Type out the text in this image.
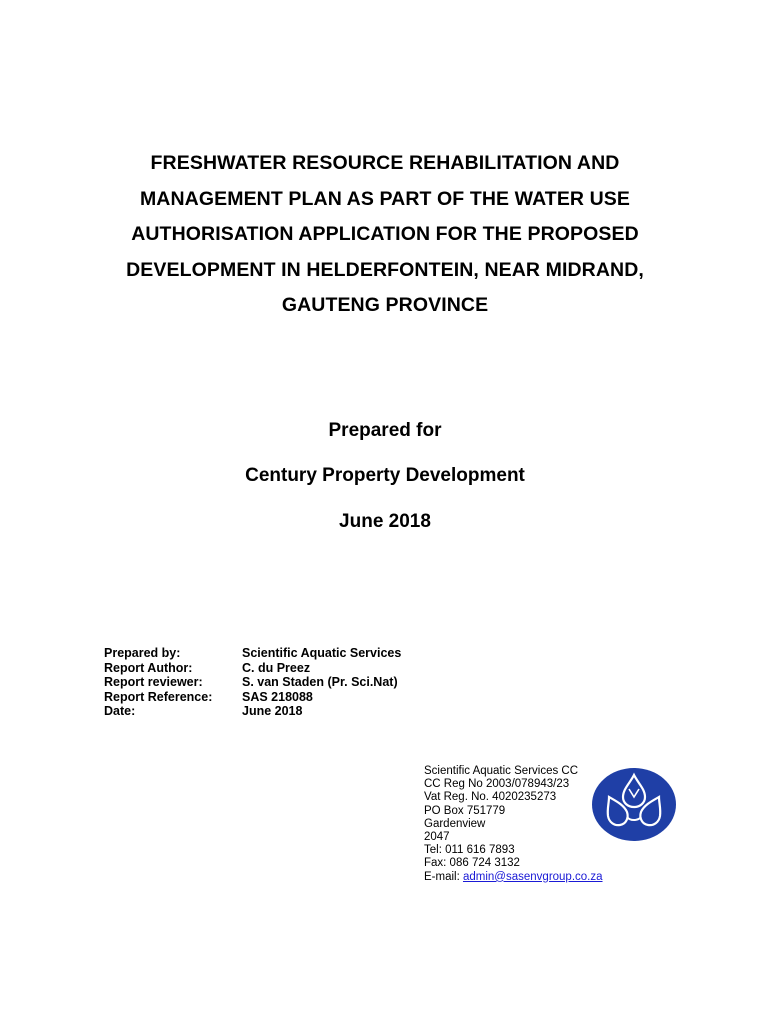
FRESHWATER RESOURCE REHABILITATION AND
MANAGEMENT PLAN AS PART OF THE WATER USE
AUTHORISATION APPLICATION FOR THE PROPOSED
DEVELOPMENT IN HELDERFONTEIN, NEAR MIDRAND,
GAUTENG PROVINCE
Prepared for
Century Property Development
June 2018
Prepared by:	Scientific Aquatic Services
Report Author:	C. du Preez
Report reviewer:	S. van Staden (Pr. Sci.Nat)
Report Reference:	SAS 218088
Date:	June 2018
Scientific Aquatic Services CC
CC Reg No 2003/078943/23
Vat Reg. No. 4020235273
PO Box 751779
Gardenview
2047
Tel: 011 616 7893
Fax: 086 724 3132
E-mail: admin@sasenvgroup.co.za
